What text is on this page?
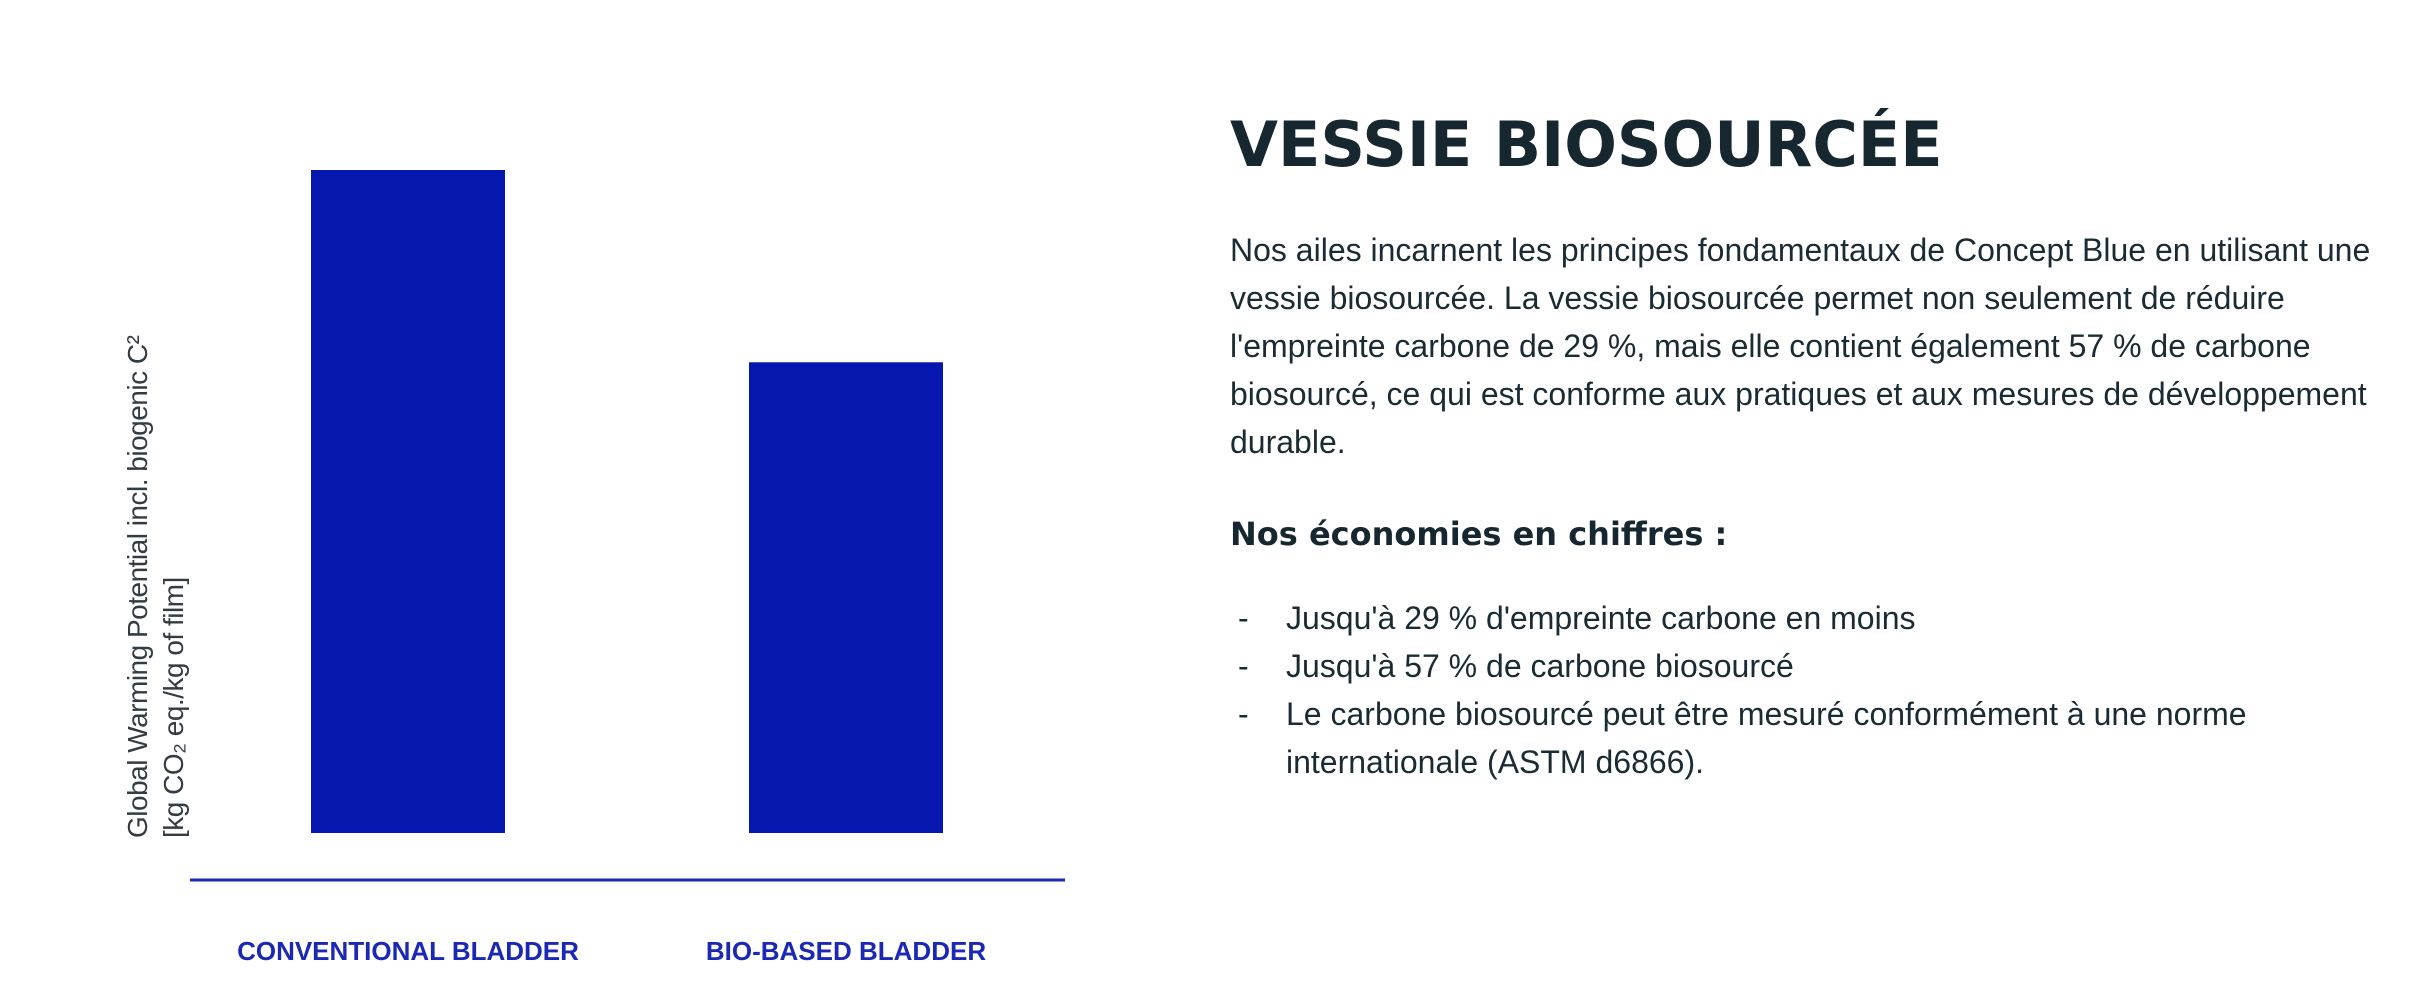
CONVENTIONAL BLADDER	BIO-BASED BLADDER
Global Warming Potential incl. biogenic C² [kg CO₂ eq./kg of film]
VESSIE BIOSOURCÉE

Nos ailes incarnent les principes fondamentaux de Concept Blue en utilisant une vessie biosourcée. La vessie biosourcée permet non seulement de réduire l'empreinte carbone de 29 %, mais elle contient également 57 % de carbone biosourcé, ce qui est conforme aux pratiques et aux mesures de développement durable.

Nos économies en chiffres :
- Jusqu'à 29 % d'empreinte carbone en moins
- Jusqu'à 57 % de carbone biosourcé
- Le carbone biosourcé peut être mesuré conformément à une norme internationale (ASTM d6866).
